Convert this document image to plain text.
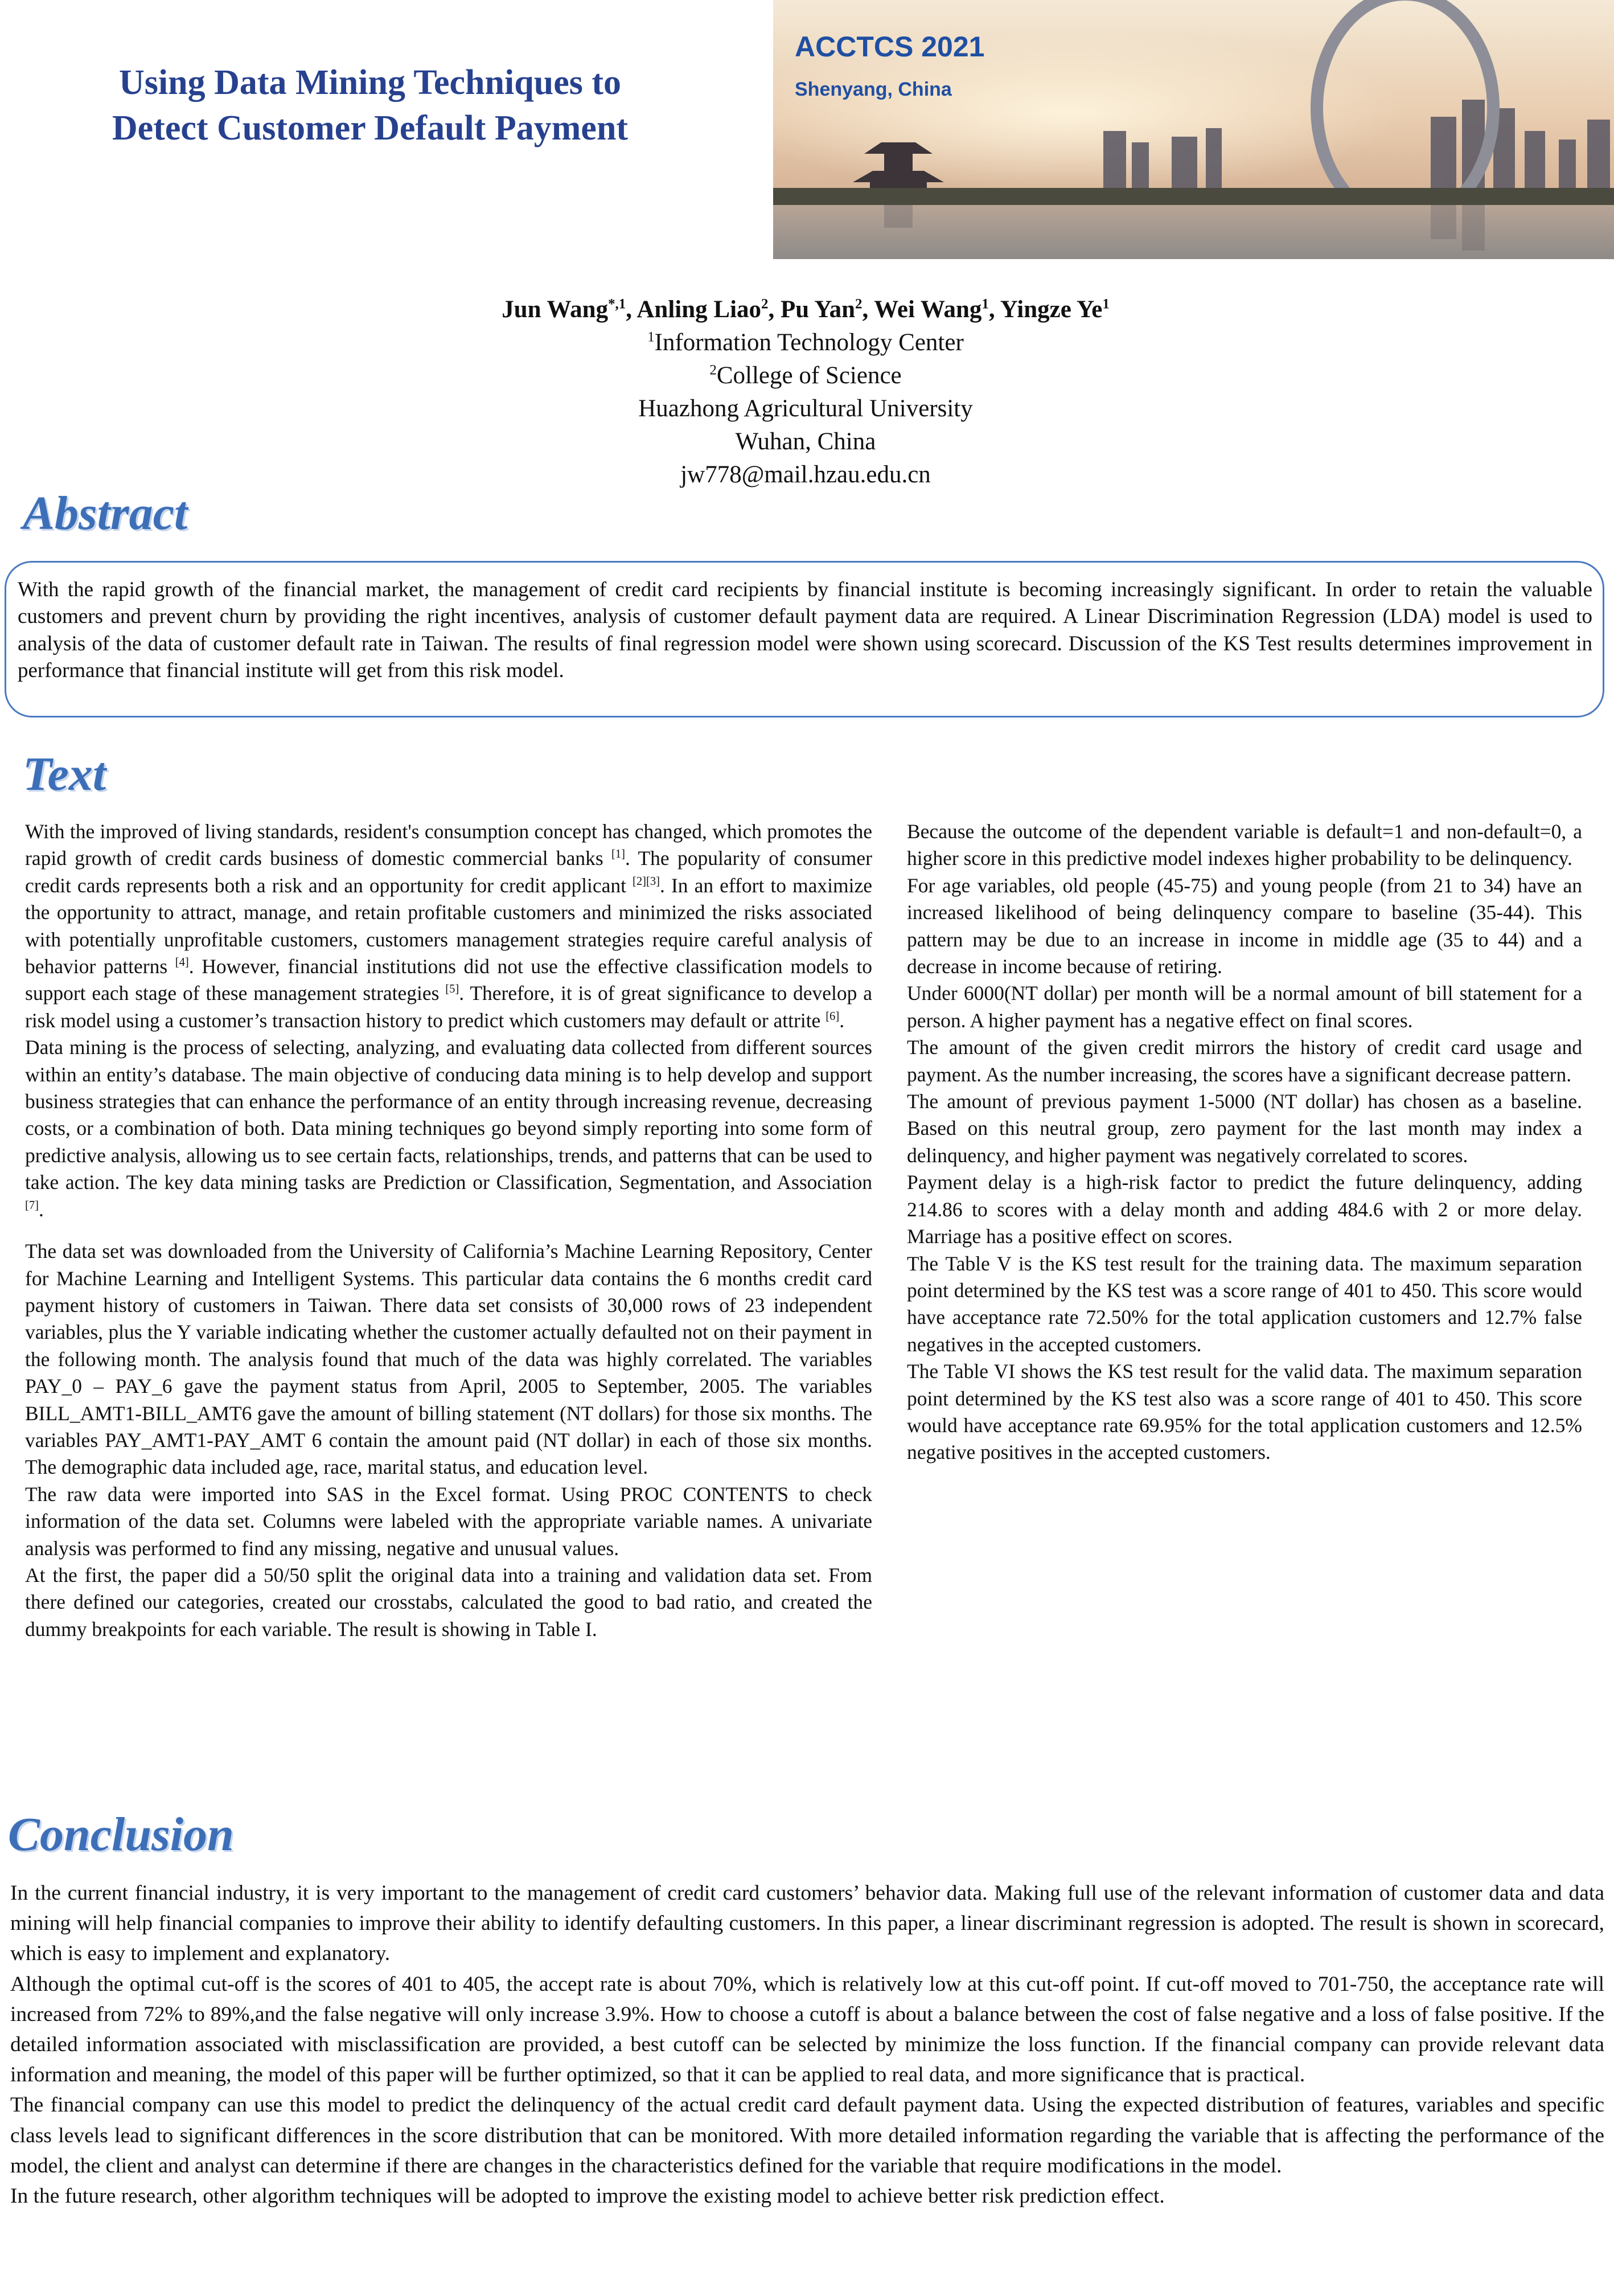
Using Data Mining Techniques to
Detect Customer Default Payment
ACCTCS 2021
Shenyang, China
Jun Wang$^{*,1}$, Anling Liao$^2$, Pu Yan$^2$, Wei Wang$^1$, Yingze Ye$^1$
$^1$Information Technology Center
$^2$College of Science
Huazhong Agricultural University
Wuhan, China
jw778@mail.hzau.edu.cn
Abstract

With the rapid growth of the financial market, the management of credit card recipients by financial institute is becoming increasingly significant. In order to retain the valuable customers and prevent churn by providing the right incentives, analysis of customer default payment data are required. A Linear Discrimination Regression (LDA) model is used to analysis of the data of customer default rate in Taiwan. The results of final regression model were shown using scorecard. Discussion of the KS Test results determines improvement in performance that financial institute will get from this risk model.

Text

With the improved of living standards, resident's consumption concept has changed, which promotes the rapid growth of credit cards business of domestic commercial banks [1]. The popularity of consumer credit cards represents both a risk and an opportunity for credit applicant [2][3]. In an effort to maximize the opportunity to attract, manage, and retain profitable customers and minimized the risks associated with potentially unprofitable customers, customers management strategies require careful analysis of behavior patterns [4]. However, financial institutions did not use the effective classification models to support each stage of these management strategies [5]. Therefore, it is of great significance to develop a risk model using a customer’s transaction history to predict which customers may default or attrite [6].

Data mining is the process of selecting, analyzing, and evaluating data collected from different sources within an entity’s database. The main objective of conducing data mining is to help develop and support business strategies that can enhance the performance of an entity through increasing revenue, decreasing costs, or a combination of both. Data mining techniques go beyond simply reporting into some form of predictive analysis, allowing us to see certain facts, relationships, trends, and patterns that can be used to take action. The key data mining tasks are Prediction or Classification, Segmentation, and Association [7].

The data set was downloaded from the University of California’s Machine Learning Repository, Center for Machine Learning and Intelligent Systems. This particular data contains the 6 months credit card payment history of customers in Taiwan. There data set consists of 30,000 rows of 23 independent variables, plus the Y variable indicating whether the customer actually defaulted not on their payment in the following month. The analysis found that much of the data was highly correlated. The variables PAY_0 – PAY_6 gave the payment status from April, 2005 to September, 2005. The variables BILL_AMT1-BILL_AMT6 gave the amount of billing statement (NT dollars) for those six months. The variables PAY_AMT1-PAY_AMT 6 contain the amount paid (NT dollar) in each of those six months. The demographic data included age, race, marital status, and education level.

The raw data were imported into SAS in the Excel format. Using PROC CONTENTS to check information of the data set. Columns were labeled with the appropriate variable names. A univariate analysis was performed to find any missing, negative and unusual values.

At the first, the paper did a 50/50 split the original data into a training and validation data set. From there defined our categories, created our crosstabs, calculated the good to bad ratio, and created the dummy breakpoints for each variable. The result is showing in Table I.

Because the outcome of the dependent variable is default=1 and non-default=0, a higher score in this predictive model indexes higher probability to be delinquency.

For age variables, old people (45-75) and young people (from 21 to 34) have an increased likelihood of being delinquency compare to baseline (35-44). This pattern may be due to an increase in income in middle age (35 to 44) and a decrease in income because of retiring.

Under 6000(NT dollar) per month will be a normal amount of bill statement for a person. A higher payment has a negative effect on final scores.

The amount of the given credit mirrors the history of credit card usage and payment. As the number increasing, the scores have a significant decrease pattern.

The amount of previous payment 1-5000 (NT dollar) has chosen as a baseline. Based on this neutral group, zero payment for the last month may index a delinquency, and higher payment was negatively correlated to scores.

Payment delay is a high-risk factor to predict the future delinquency, adding 214.86 to scores with a delay month and adding 484.6 with 2 or more delay. Marriage has a positive effect on scores.

The Table V is the KS test result for the training data. The maximum separation point determined by the KS test was a score range of 401 to 450. This score would have acceptance rate 72.50% for the total application customers and 12.7% false negatives in the accepted customers.

The Table VI shows the KS test result for the valid data. The maximum separation point determined by the KS test also was a score range of 401 to 450. This score would have acceptance rate 69.95% for the total application customers and 12.5% negative positives in the accepted customers.

Conclusion

In the current financial industry, it is very important to the management of credit card customers’ behavior data. Making full use of the relevant information of customer data and data mining will help financial companies to improve their ability to identify defaulting customers. In this paper, a linear discriminant regression is adopted. The result is shown in scorecard, which is easy to implement and explanatory.

Although the optimal cut-off is the scores of 401 to 405, the accept rate is about 70%, which is relatively low at this cut-off point. If cut-off moved to 701-750, the acceptance rate will increased from 72% to 89%,and the false negative will only increase 3.9%. How to choose a cutoff is about a balance between the cost of false negative and a loss of false positive. If the detailed information associated with misclassification are provided, a best cutoff can be selected by minimize the loss function. If the financial company can provide relevant data information and meaning, the model of this paper will be further optimized, so that it can be applied to real data, and more significance that is practical.

The financial company can use this model to predict the delinquency of the actual credit card default payment data. Using the expected distribution of features, variables and specific class levels lead to significant differences in the score distribution that can be monitored. With more detailed information regarding the variable that is affecting the performance of the model, the client and analyst can determine if there are changes in the characteristics defined for the variable that require modifications in the model.

In the future research, other algorithm techniques will be adopted to improve the existing model to achieve better risk prediction effect.
